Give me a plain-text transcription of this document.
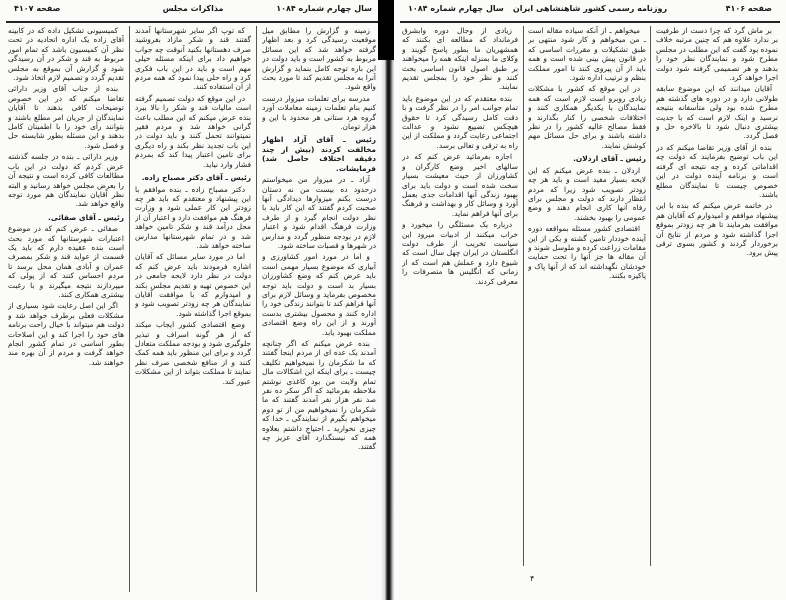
سال چهارم شماره ۱۰۸۴
مذاکرات مجلس
صفحه ۴۱۰۷

زمینه و گزارش را مطابق میل موقعیت رسیدگی کرد و بعد اظهار گرفته خواهد شد که این مسائل مربوط به کشور است و باید دولت در این باره توجه کامل بنماید و گزارش آنرا به مجلس تقدیم کند تا مورد بحث واقع شود.

مدرسه برای تعلمات میزوار درست کنیم بنام تعلمات زمینه معاملات آورد گروه هرد ستانی هر محدود با این و هزار تومان.

رئیس ـ آقای آزاد اظهار مخالفت کردند (بیش از چند دقیقه اختلاف حاصل شد) فرمایشات.

آزاد ـ در میزوار من میخواستم درحدود ده بیست من نه دستان درست بکنم میزوارها دیدادگی آنها صحبت کردم گفتند که این کار باید با نظر دولت انجام گیرد و از طرف وزارت فرهنگ اقدام شود و اعتبار لازم در بودجه منظور گردد و مدارس در شهرها و قصبات ساخته شود.

و اما در مورد امور کشاورزی و آبیاری که موضوع بسیار مهمی است باید عرض کنم که وضع کشاورزان بسیار بد است و دولت باید توجه مخصوص بفرماید و وسائل لازم برای آنها فراهم کند تا بتوانند زندگی خود را اداره کنند و محصول بیشتری بدست آورند و از این راه وضع اقتصادی مملکت بهبود یابد.

بنده عرض میکنم که اگر چنانچه آمدند یک عده ای از مردم اینجا گفتند که ما شکرمان را نمیخواهیم تکلیف چیست ـ برای اینکه این اشکالات مال تمام ولایت من بود کاغذی نوشتم ملاحظه بفرمائید که اگر سکر ده نفر صد نفر هزار نفر آمدند گفتند که ما شکرمان را نمیخواهیم من از تو دوم میخواهم بگیرم از نمایندگی ـ خدا که چیزی نخوارید ـ احتیاج داشتم بعلاوه همه که نیستگذارد آقای عزیز چه گفتند.

که توپ اگر سایر شهرستانها آمدند گفتند قند و شکر مازاد بفروشید صرف دهستانها بکنید آنوقت چه جواب خواهیم داد برای اینکه مسئله خیلی مهم است و باید در این باب فکری کرد و راه حلی پیدا نمود که همه مردم از آن استفاده کنند.

در این موقع که دولت تصمیم گرفته است مالیات قند و شکر را بالا ببرد بنده عرض میکنم که این مطلب باعث گرانی خواهد شد و مردم فقیر نمیتوانند تحمل کنند و باید دولت در این باب تجدید نظر بکند و راه دیگری برای تامین اعتبار پیدا کند که بمردم فشار وارد نیاید.

رئیس ـ آقای دکتر مصباح زاده.

دکتر مصباح زاده ـ بنده موافقم با این پیشنهاد و معتقدم که باید هر چه زودتر این کار عملی شود و وزارت فرهنگ هم موافقت دارد و اعتبار آن از محل درآمد قند و شکر تامین خواهد شد و در تمام شهرستانها مدارس ساخته خواهد شد.

اما در مورد سایر مسائل که آقایان اشاره فرمودند باید عرض کنم که دولت در نظر دارد لایحه جامعی در این خصوص تهیه و تقدیم مجلس بکند و امیدوارم که با موافقت آقایان نمایندگان هر چه زودتر تصویب شود و بموقع اجرا گذاشته شود.

وضع اقتصادی کشور ایجاب میکند که از هر گونه اسراف و تبذیر جلوگیری شود و بودجه مملکت متعادل گردد و برای این منظور باید همه کمک کنند و از منافع شخصی صرف نظر نمایند تا مملکت بتواند از این مشکلات عبور کند.

کمیسیونی تشکیل داده که در کابینه آقای زاده یک اداره اتحادیه در تحت نظر آن کمیسیون باشد که تمام امور مربوط به قند و شکر در آن رسیدگی شود و گزارش آن بموقع به مجلس تقدیم گردد و تصمیم لازم اتخاذ شود.

بنده از جناب آقای وزیر دارائی تقاضا میکنم که در این خصوص توضیحات کافی بدهند تا آقایان نمایندگان از جریان امر مطلع باشند و بتوانند رأی خود را با اطمینان کامل بدهند و این مسئله بطور شایسته حل و فصل شود.

وزیر دارائی ـ بنده در جلسه گذشته عرض کردم که دولت در این باب مطالعات کافی کرده است و نتیجه آن را بعرض مجلس خواهد رسانید و البته نظر آقایان نمایندگان هم مورد توجه واقع خواهد شد.

رئیس ـ آقای صفائی.

صفائی ـ عرض کنم که در موضوع اعتبارات شهرستانها که مورد بحث است بنده عقیده دارم که باید یک قسمت از عواید قند و شکر بمصرف عمران و آبادی همان محل برسد تا مردم احساس کنند که از پولی که میپردازند نتیجه میگیرند و با رغبت بیشتری همکاری کنند.

اگر این اصل رعایت شود بسیاری از مشکلات فعلی برطرف خواهد شد و دولت هم میتواند با خیال راحت برنامه های خود را اجرا کند و این اصلاحات بطور اساسی در تمام کشور انجام خواهد گرفت و مردم از آن بهره مند خواهند شد.

صفحه ۴۱۰۶
روزنامه رسمی کشور شاهنشاهی ایران
سال چهارم شماره ۱۰۸۴

بر ماش گرد که چرا دست از طرفیت بر ندارد علاوه هم که چنین مرتبه خلاف نموده بود گفت که این مطلب در مجلس مطرح شود و نمایندگان نظر خود را بدهند و هر تصمیمی گرفته شود دولت اجرا خواهد کرد.

آقایان میدانند که این موضوع سابقه طولانی دارد و در دوره های گذشته هم مطرح شده بود ولی متأسفانه بنتیجه نرسید و اینک لازم است که با جدیت بیشتری دنبال شود تا بالاخره حل و فصل گردد.

بنده از آقای وزیر تقاضا میکنم که در این باب توضیح بفرمایند که دولت چه اقداماتی کرده و چه نتیجه ای گرفته است و برنامه آینده دولت در این خصوص چیست تا نمایندگان مطلع باشند.

در خاتمه عرض میکنم که بنده با این پیشنهاد موافقم و امیدوارم که آقایان هم موافقت بفرمایند تا هر چه زودتر بموقع اجرا گذاشته شود و مردم از نتایج آن برخوردار گردند و کشور بسوی ترقی پیش برود.

میخواهم ـ از آنکه سیاده مقاله است ـ من میخواهم و کار شود منتهی بر طبق تشکیلات و مقررات اساسی که در قانون پیش بینی شده است و همه باید از آن پیروی کنند تا امور مملکت بنظم و ترتیب اداره شود.

در این موقع که کشور با مشکلات زیادی روبرو است لازم است که همه نمایندگان با یکدیگر همکاری کنند و اختلافات شخصی را کنار بگذارند و فقط مصالح عالیه کشور را در نظر داشته باشند و برای حل مسائل مهم کوشش نمایند.

رئیس ـ آقای اردلان.

اردلان ـ بنده عرض میکنم که این لایحه بسیار مفید است و باید هر چه زودتر تصویب شود زیرا که مردم انتظار دارند که دولت و مجلس برای رفاه آنها کاری انجام دهند و وضع عمومی را بهبود بخشند.

اقتصادی کشور مسئله بمواقعه دوره آینده خوددار تامین گشته و یکی از این مقامات زراعت کرده و ملوسل شوند و آن مقاله ها جز آنها را تحت حمایت خودشان نگهداشته اند که از آنها پاک و پاکیزه بکنند.

زیادی از وجال دوره وابشرق فرمانداد که مطالعه ای بکنند که همشهریان ما بطور پاسخ گویند و وکلای ما بمنزله اینکه همه را میخواهند بر طبق اصول قانون اساسی بحث کنند و نظر خود را بمجلس تقدیم نمایند.

بنده معتقدم که در این موضوع باید تمام جوانب امر را در نظر گرفت و با دقت کامل رسیدگی کرد تا حقوق هیچکس تضییع نشود و عدالت اجتماعی رعایت گردد و مملکت از این راه به ترقی و تعالی برسد.

اجازه بفرمائید عرض کنم که در سالهای اخیر وضع کارگران و کشاورزان از حیث معیشت بسیار سخت شده است و دولت باید برای بهبود زندگی آنها اقدامات جدی بعمل آورد و وسائل کار و بهداشت و فرهنگ برای آنها فراهم نماید.

درباره یک مسئلگی را میخورد و خراب میکنند از ادبیات میرود این سیاست تخریب از طرف دولت انگلستان در ایران چهل سال است که شیوع دارد و عملش هم است که از زمانی که انگلیس ها متصرفات را معرفی کردند.

۴
